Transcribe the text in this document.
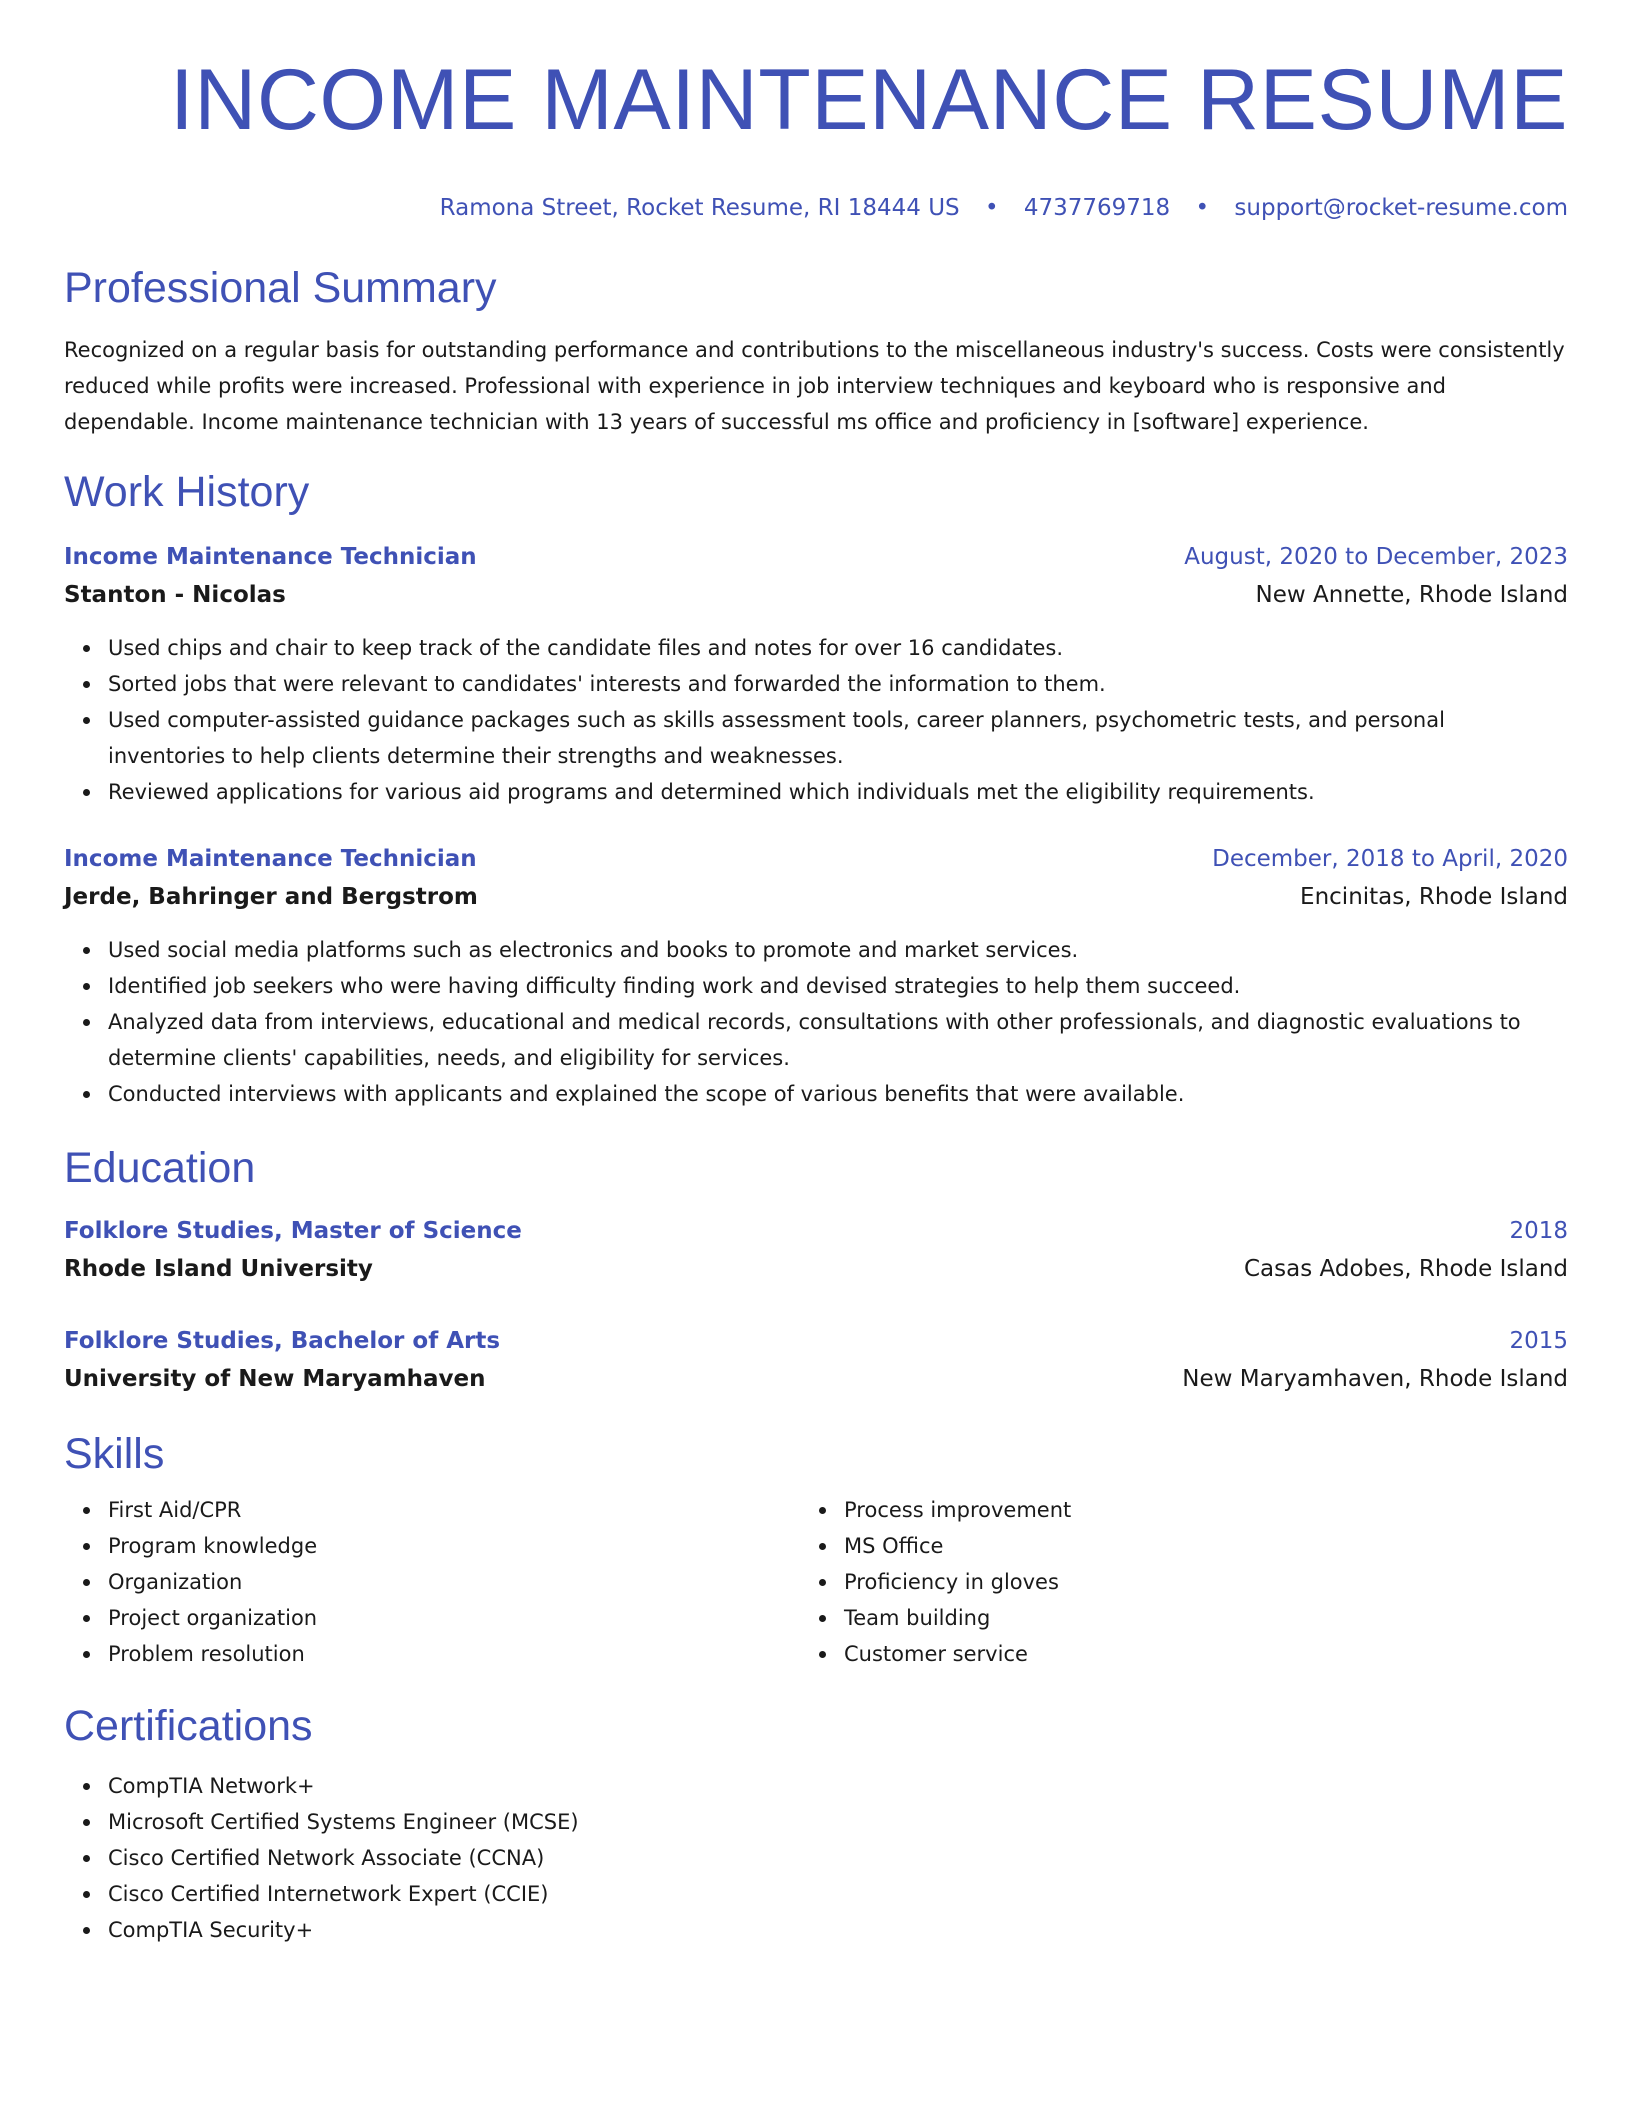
INCOME MAINTENANCE RESUME
Ramona Street, Rocket Resume, RI 18444 US • 4737769718 • support@rocket-resume.com
Professional Summary

Recognized on a regular basis for outstanding performance and contributions to the miscellaneous industry's success. Costs were consistently reduced while profits were increased. Professional with experience in job interview techniques and keyboard who is responsive and dependable. Income maintenance technician with 13 years of successful ms office and proficiency in [software] experience.

Work History
Income Maintenance Technician	August, 2020 to December, 2023
Stanton - Nicolas	New Annette, Rhode Island
Used chips and chair to keep track of the candidate files and notes for over 16 candidates.
Sorted jobs that were relevant to candidates' interests and forwarded the information to them.
Used computer-assisted guidance packages such as skills assessment tools, career planners, psychometric tests, and personal inventories to help clients determine their strengths and weaknesses.
Reviewed applications for various aid programs and determined which individuals met the eligibility requirements.
Income Maintenance Technician	December, 2018 to April, 2020
Jerde, Bahringer and Bergstrom	Encinitas, Rhode Island
Used social media platforms such as electronics and books to promote and market services.
Identified job seekers who were having difficulty finding work and devised strategies to help them succeed.
Analyzed data from interviews, educational and medical records, consultations with other professionals, and diagnostic evaluations to determine clients' capabilities, needs, and eligibility for services.
Conducted interviews with applicants and explained the scope of various benefits that were available.
Education
Folklore Studies, Master of Science	2018
Rhode Island University	Casas Adobes, Rhode Island
Folklore Studies, Bachelor of Arts	2015
University of New Maryamhaven	New Maryamhaven, Rhode Island
Skills
First Aid/CPR
Program knowledge
Organization
Project organization
Problem resolution
Process improvement
MS Office
Proficiency in gloves
Team building
Customer service
Certifications
CompTIA Network+
Microsoft Certified Systems Engineer (MCSE)
Cisco Certified Network Associate (CCNA)
Cisco Certified Internetwork Expert (CCIE)
CompTIA Security+
